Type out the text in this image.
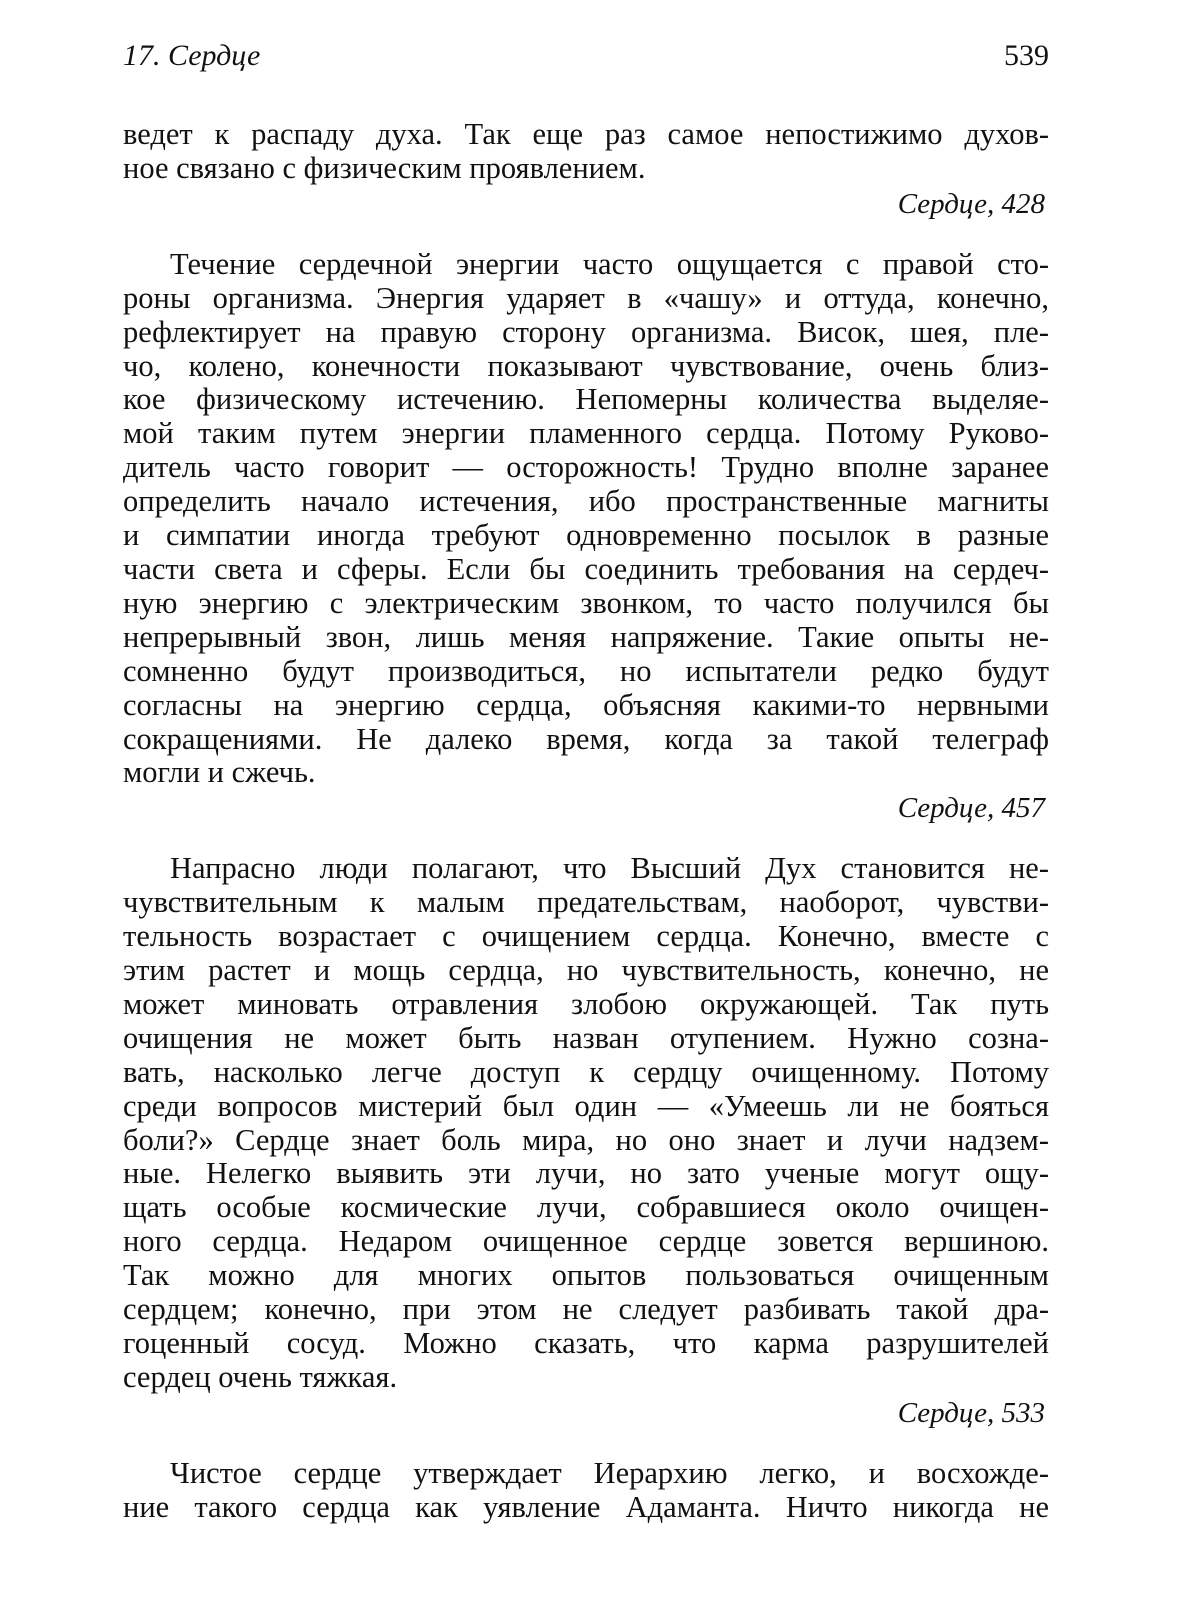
17. Сердце	539
ведет к распаду духа. Так еще раз самое непостижимо духов-
ное связано с физическим проявлением.
Сердце, 428
Течение сердечной энергии часто ощущается с правой сто-
роны организма. Энергия ударяет в «чашу» и оттуда, конечно,
рефлектирует на правую сторону организма. Висок, шея, пле-
чо, колено, конечности показывают чувствование, очень близ-
кое физическому истечению. Непомерны количества выделяе-
мой таким путем энергии пламенного сердца. Потому Руково-
дитель часто говорит — осторожность! Трудно вполне заранее
определить начало истечения, ибо пространственные магниты
и симпатии иногда требуют одновременно посылок в разные
части света и сферы. Если бы соединить требования на сердеч-
ную энергию с электрическим звонком, то часто получился бы
непрерывный звон, лишь меняя напряжение. Такие опыты не-
сомненно будут производиться, но испытатели редко будут
согласны на энергию сердца, объясняя какими-то нервными
сокращениями. Не далеко время, когда за такой телеграф
могли и сжечь.
Сердце, 457
Напрасно люди полагают, что Высший Дух становится не-
чувствительным к малым предательствам, наоборот, чувстви-
тельность возрастает с очищением сердца. Конечно, вместе с
этим растет и мощь сердца, но чувствительность, конечно, не
может миновать отравления злобою окружающей. Так путь
очищения не может быть назван отупением. Нужно созна-
вать, насколько легче доступ к сердцу очищенному. Потому
среди вопросов мистерий был один — «Умеешь ли не бояться
боли?» Сердце знает боль мира, но оно знает и лучи надзем-
ные. Нелегко выявить эти лучи, но зато ученые могут ощу-
щать особые космические лучи, собравшиеся около очищен-
ного сердца. Недаром очищенное сердце зовется вершиною.
Так можно для многих опытов пользоваться очищенным
сердцем; конечно, при этом не следует разбивать такой дра-
гоценный сосуд. Можно сказать, что карма разрушителей
сердец очень тяжкая.
Сердце, 533
Чистое сердце утверждает Иерархию легко, и восхожде-
ние такого сердца как уявление Адаманта. Ничто никогда не
